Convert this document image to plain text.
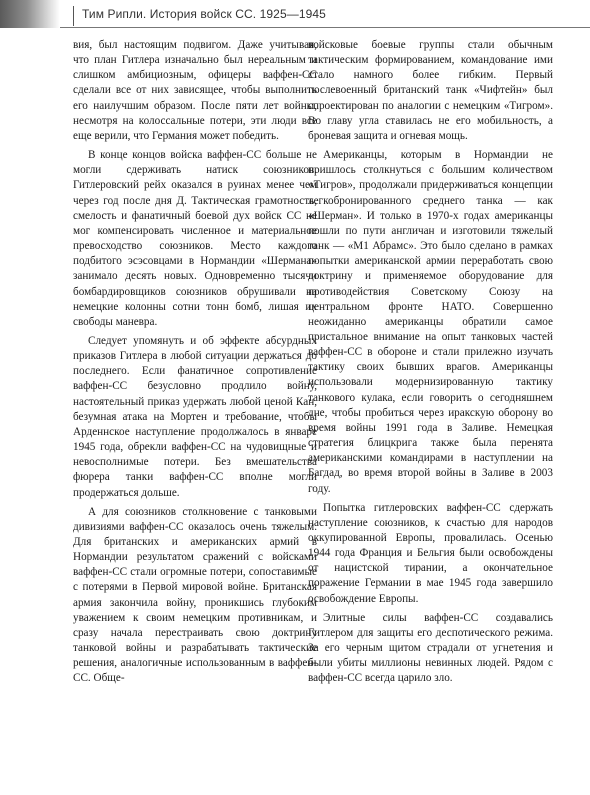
Тим Рипли. История войск СС. 1925—1945

вия, был настоящим подвигом. Даже учитывая, что план Гитлера изначально был нереальным и слишком амбициозным, офицеры ваффен-СС сделали все от них зависящее, чтобы выполнить его наилучшим образом. После пяти лет войны, несмотря на колоссальные потери, эти люди все еще верили, что Германия может победить.

В конце концов войска ваффен-СС больше не могли сдерживать натиск союзников. Гитлеровский рейх оказался в руинах менее чем через год после дня Д. Тактическая грамотность, смелость и фанатичный боевой дух войск СС не мог компенсировать численное и материальное превосходство союзников. Место каждого подбитого эсэсовцами в Нормандии «Шермана» занимало десять новых. Одновременно тысячи бомбардировщиков союзников обрушивали на немецкие колонны сотни тонн бомб, лишая их свободы маневра.

Следует упомянуть и об эффекте абсурдных приказов Гитлера в любой ситуации держаться до последнего. Если фанатичное сопротивление ваффен-СС безусловно продлило войну, настоятельный приказ удержать любой ценой Кан, безумная атака на Мортен и требование, чтобы Арденнское наступление продолжалось в январе 1945 года, обрекли ваффен-СС на чудовищные и невосполнимые потери. Без вмешательства фюрера танки ваффен-СС вполне могли продержаться дольше.

А для союзников столкновение с танковыми дивизиями ваффен-СС оказалось очень тяжелым. Для британских и американских армий в Нормандии результатом сражений с войсками ваффен-СС стали огромные потери, сопоставимые с потерями в Первой мировой войне. Британская армия закончила войну, проникшись глубоким уважением к своим немецким противникам, и сразу начала перестраивать свою доктрину танковой войны и разрабатывать тактические решения, аналогичные использованным в ваффен-СС. Обще-

войсковые боевые группы стали обычным тактическим формированием, командование ими стало намного более гибким. Первый послевоенный британский танк «Чифтейн» был спроектирован по аналогии с немецким «Тигром». Во главу угла ставилась не его мобильность, а броневая защита и огневая мощь.

Американцы, которым в Нормандии не пришлось столкнуться с большим количеством «Тигров», продолжали придерживаться концепции легкобронированного среднего танка — как «Шерман». И только в 1970-х годах американцы пошли по пути англичан и изготовили тяжелый танк — «М1 Абрамс». Это было сделано в рамках попытки американской армии переработать свою доктрину и применяемое оборудование для противодействия Советскому Союзу на центральном фронте НАТО. Совершенно неожиданно американцы обратили самое пристальное внимание на опыт танковых частей ваффен-СС в обороне и стали прилежно изучать тактику своих бывших врагов. Американцы использовали модернизированную тактику танкового кулака, если говорить о сегодняшнем дне, чтобы пробиться через иракскую оборону во время войны 1991 года в Заливе. Немецкая стратегия блицкрига также была перенята американскими командирами в наступлении на Багдад, во время второй войны в Заливе в 2003 году.

Попытка гитлеровских ваффен-СС сдержать наступление союзников, к счастью для народов оккупированной Европы, провалилась. Осенью 1944 года Франция и Бельгия были освобождены от нацистской тирании, а окончательное поражение Германии в мае 1945 года завершило освобождение Европы.

Элитные силы ваффен-СС создавались Гитлером для защиты его деспотического режима. За его черным щитом страдали от угнетения и были убиты миллионы невинных людей. Рядом с ваффен-СС всегда царило зло.
